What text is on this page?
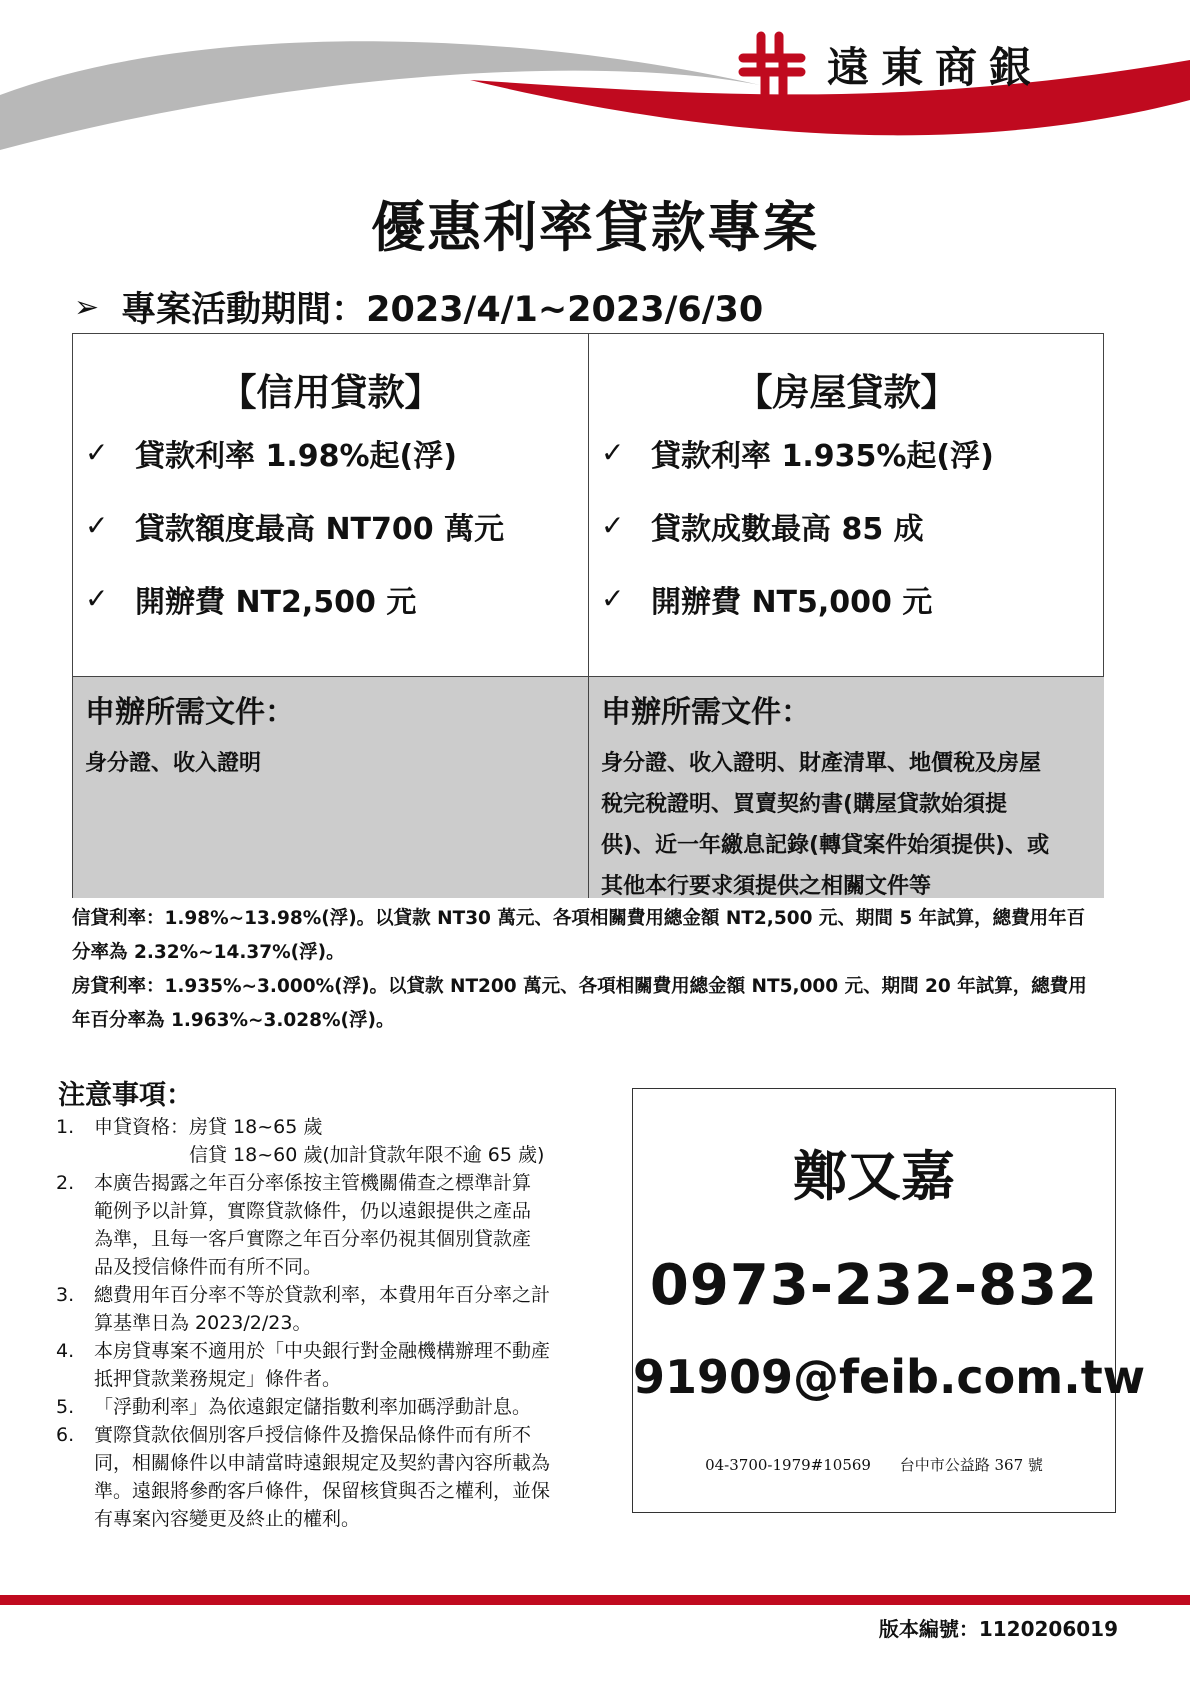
遠東商銀
優惠利率貸款專案
➢ 專案活動期間：2023/4/1~2023/6/30
【信用貸款】
✓ 貸款利率 1.98%起(浮)
✓ 貸款額度最高 NT700 萬元
✓ 開辦費 NT2,500 元
【房屋貸款】
✓ 貸款利率 1.935%起(浮)
✓ 貸款成數最高 85 成
✓ 開辦費 NT5,000 元
申辦所需文件：
身分證、收入證明
申辦所需文件：
身分證、收入證明、財產清單、地價稅及房屋
稅完稅證明、買賣契約書(購屋貸款始須提
供)、近一年繳息記錄(轉貸案件始須提供)、或
其他本行要求須提供之相關文件等
信貸利率：1.98%~13.98%(浮)。以貸款 NT30 萬元、各項相關費用總金額 NT2,500 元、期間 5 年試算，總費用年百
分率為 2.32%~14.37%(浮)。
房貸利率：1.935%~3.000%(浮)。以貸款 NT200 萬元、各項相關費用總金額 NT5,000 元、期間 20 年試算，總費用
年百分率為 1.963%~3.028%(浮)。
注意事項：
1.	申貸資格：房貸 18~65 歲
　　　　　信貸 18~60 歲(加計貸款年限不逾 65 歲)
2.	本廣告揭露之年百分率係按主管機關備查之標準計算
範例予以計算，實際貸款條件，仍以遠銀提供之產品
為準，且每一客戶實際之年百分率仍視其個別貸款產
品及授信條件而有所不同。
3.	總費用年百分率不等於貸款利率，本費用年百分率之計
算基準日為 2023/2/23。
4.	本房貸專案不適用於「中央銀行對金融機構辦理不動產
抵押貸款業務規定」條件者。
5.	「浮動利率」為依遠銀定儲指數利率加碼浮動計息。
6.	實際貸款依個別客戶授信條件及擔保品條件而有所不
同，相關條件以申請當時遠銀規定及契約書內容所載為
準。遠銀將參酌客戶條件，保留核貸與否之權利，並保
有專案內容變更及終止的權利。
鄭又嘉
0973-232-832
91909@feib.com.tw
04-3700-1979#10569 台中市公益路 367 號
版本編號：1120206019
